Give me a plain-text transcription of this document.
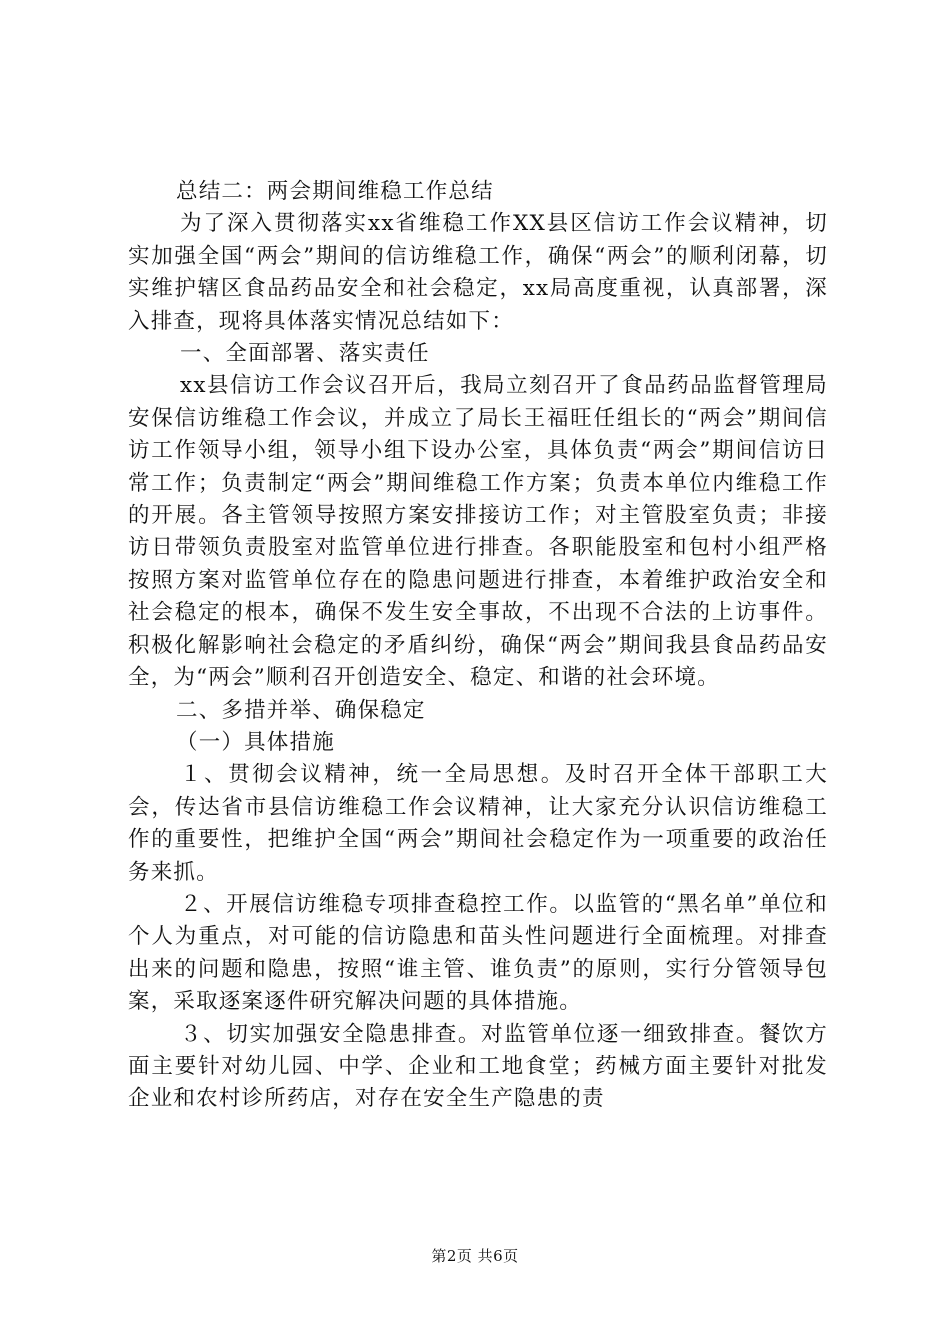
总结二：两会期间维稳工作总结

为了深入贯彻落实xx省维稳工作XX县区信访工作会议精神，切实加强全国“两会”期间的信访维稳工作，确保“两会”的顺利闭幕，切实维护辖区食品药品安全和社会稳定，xx局高度重视，认真部署，深入排查，现将具体落实情况总结如下：

一、全面部署、落实责任

xx县信访工作会议召开后，我局立刻召开了食品药品监督管理局安保信访维稳工作会议，并成立了局长王福旺任组长的“两会”期间信访工作领导小组，领导小组下设办公室，具体负责“两会”期间信访日常工作；负责制定“两会”期间维稳工作方案；负责本单位内维稳工作的开展。各主管领导按照方案安排接访工作；对主管股室负责；非接访日带领负责股室对监管单位进行排查。各职能股室和包村小组严格按照方案对监管单位存在的隐患问题进行排查，本着维护政治安全和社会稳定的根本，确保不发生安全事故，不出现不合法的上访事件。积极化解影响社会稳定的矛盾纠纷，确保“两会”期间我县食品药品安全，为“两会”顺利召开创造安全、稳定、和谐的社会环境。

二、多措并举、确保稳定

（一）具体措施

１、贯彻会议精神，统一全局思想。及时召开全体干部职工大会，传达省市县信访维稳工作会议精神，让大家充分认识信访维稳工作的重要性，把维护全国“两会”期间社会稳定作为一项重要的政治任务来抓。

２、开展信访维稳专项排查稳控工作。以监管的“黑名单”单位和个人为重点，对可能的信访隐患和苗头性问题进行全面梳理。对排查出来的问题和隐患，按照“谁主管、谁负责”的原则，实行分管领导包案，采取逐案逐件研究解决问题的具体措施。

３、切实加强安全隐患排查。对监管单位逐一细致排查。餐饮方面主要针对幼儿园、中学、企业和工地食堂；药械方面主要针对批发企业和农村诊所药店，对存在安全生产隐患的责

第2页 共6页
